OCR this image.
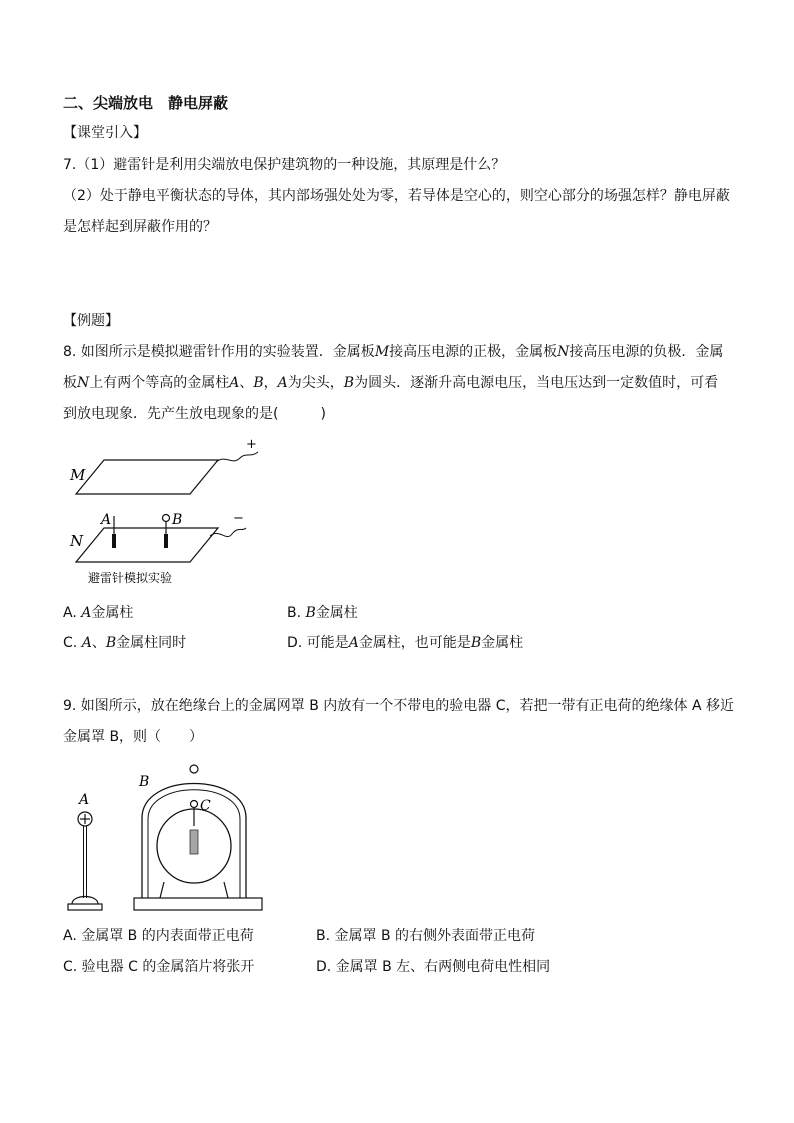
二、尖端放电　静电屏蔽
【课堂引入】
7.（1）避雷针是利用尖端放电保护建筑物的一种设施，其原理是什么？
（2）处于静电平衡状态的导体，其内部场强处处为零，若导体是空心的，则空心部分的场强怎样？静电屏蔽
是怎样起到屏蔽作用的？
【例题】
8. 如图所示是模拟避雷针作用的实验装置．金属板M接高压电源的正极，金属板N接高压电源的负极．金属
板N上有两个等高的金属柱A、B，A为尖头，B为圆头．逐渐升高电源电压，当电压达到一定数值时，可看
到放电现象．先产生放电现象的是(　　　)
+
M
−
N
A	B
避雷针模拟实验
A. A金属柱	B. B金属柱
C. A、B金属柱同时	D. 可能是A金属柱，也可能是B金属柱
9. 如图所示，放在绝缘台上的金属网罩 B 内放有一个不带电的验电器 C，若把一带有正电荷的绝缘体 A 移近
金属罩 B，则（　　）
A
B
C
A. 金属罩 B 的内表面带正电荷	B. 金属罩 B 的右侧外表面带正电荷
C. 验电器 C 的金属箔片将张开	D. 金属罩 B 左、右两侧电荷电性相同
